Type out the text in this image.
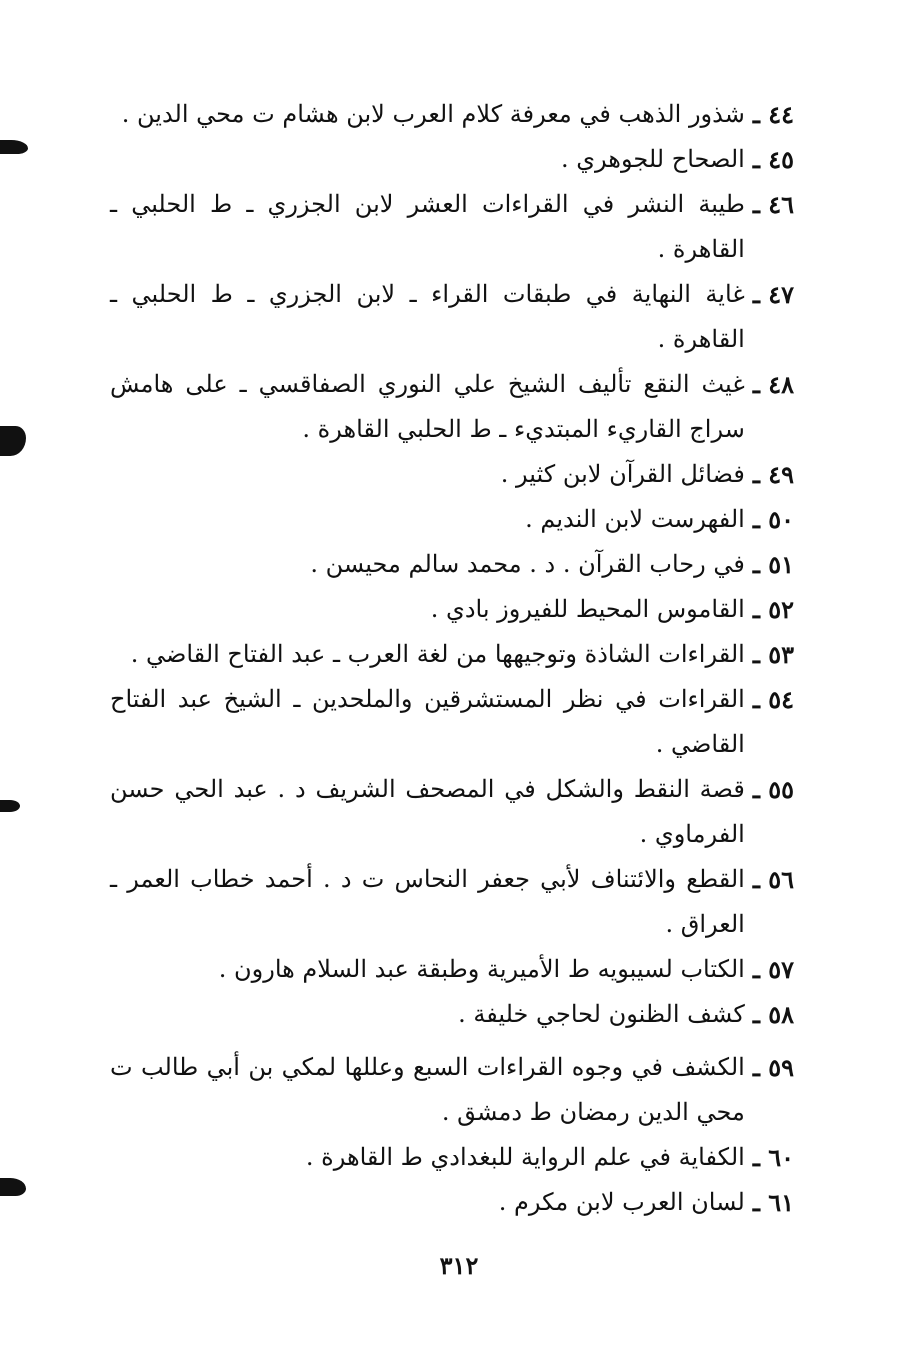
٤٤ ـ
شذور الذهب في معرفة كلام العرب لابن هشام ت محي الدين .
٤٥ ـ
الصحاح للجوهري .
٤٦ ـ
طيبة النشر في القراءات العشر لابن الجزري ـ ط الحلبي ـ القاهرة .
٤٧ ـ
غاية النهاية في طبقات القراء ـ لابن الجزري ـ ط الحلبي ـ القاهرة .
٤٨ ـ
غيث النقع تأليف الشيخ علي النوري الصفاقسي ـ على هامش سراج القاريء المبتديء ـ ط الحلبي القاهرة .
٤٩ ـ
فضائل القرآن لابن كثير .
٥٠ ـ
الفهرست لابن النديم .
٥١ ـ
في رحاب القرآن . د . محمد سالم محيسن .
٥٢ ـ
القاموس المحيط للفيروز بادي .
٥٣ ـ
القراءات الشاذة وتوجيهها من لغة العرب ـ عبد الفتاح القاضي .
٥٤ ـ
القراءات في نظر المستشرقين والملحدين ـ الشيخ عبد الفتاح القاضي .
٥٥ ـ
قصة النقط والشكل في المصحف الشريف د . عبد الحي حسن الفرماوي .
٥٦ ـ
القطع والائتناف لأبي جعفر النحاس ت د . أحمد خطاب العمر ـ العراق .
٥٧ ـ
الكتاب لسيبويه ط الأميرية وطبقة عبد السلام هارون .
٥٨ ـ
كشف الظنون لحاجي خليفة .
٥٩ ـ
الكشف في وجوه القراءات السبع وعللها لمكي بن أبي طالب ت محي الدين رمضان ط دمشق .
٦٠ ـ
الكفاية في علم الرواية للبغدادي ط القاهرة .
٦١ ـ
لسان العرب لابن مكرم .
٣١٢
